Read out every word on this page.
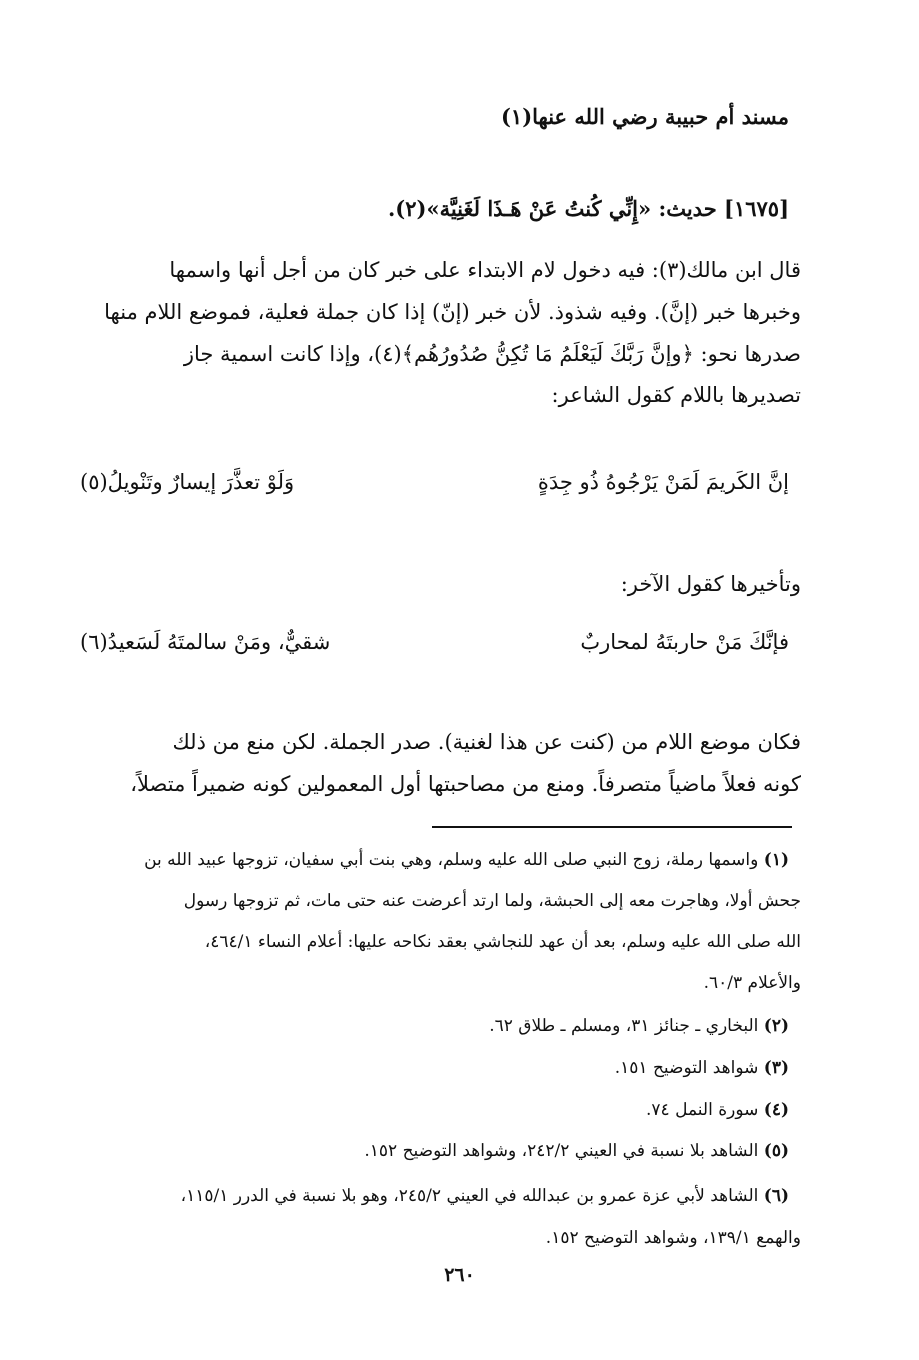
مسند أم حبيبة رضي الله عنها(١)
[١٦٧٥] حديث: «إِنِّي كُنتُ عَنْ هَـذَا لَغَنِيَّة»(٢).
قال ابن مالك(٣): فيه دخول لام الابتداء على خبر كان من أجل أنها واسمها
وخبرها خبر (إنَّ). وفيه شذوذ. لأن خبر (إنّ) إذا كان جملة فعلية، فموضع اللام منها
صدرها نحو: ﴿وإنَّ رَبَّكَ لَيَعْلَمُ مَا تُكِنُّ صُدُورُهُم﴾(٤)، وإذا كانت اسمية جاز
تصديرها باللام كقول الشاعر:
إنَّ الكَريمَ لَمَنْ يَرْجُوهُ ذُو جِدَةٍ
وَلَوْ تعذَّرَ إيسارٌ وتَنْويلُ(٥)
وتأخيرها كقول الآخر:
فإنَّكَ مَنْ حاربتَهُ لمحاربٌ
شقيٌّ، ومَنْ سالمتَهُ لَسَعيدُ(٦)
فكان موضع اللام من (كنت عن هذا لغنية). صدر الجملة. لكن منع من ذلك
كونه فعلاً ماضياً متصرفاً. ومنع من مصاحبتها أول المعمولين كونه ضميراً متصلاً،
(١) واسمها رملة، زوج النبي صلى الله عليه وسلم، وهي بنت أبي سفيان، تزوجها عبيد الله بن
جحش أولا، وهاجرت معه إلى الحبشة، ولما ارتد أعرضت عنه حتى مات، ثم تزوجها رسول
الله صلى الله عليه وسلم، بعد أن عهد للنجاشي بعقد نكاحه عليها: أعلام النساء ٤٦٤/١،
والأعلام ٦٠/٣.
(٢) البخاري ـ جنائز ٣١، ومسلم ـ طلاق ٦٢.
(٣) شواهد التوضيح ١٥١.
(٤) سورة النمل ٧٤.
(٥) الشاهد بلا نسبة في العيني ٢٤٢/٢، وشواهد التوضيح ١٥٢.
(٦) الشاهد لأبي عزة عمرو بن عبدالله في العيني ٢٤٥/٢، وهو بلا نسبة في الدرر ١١٥/١،
والهمع ١٣٩/١، وشواهد التوضيح ١٥٢.
٢٦٠
